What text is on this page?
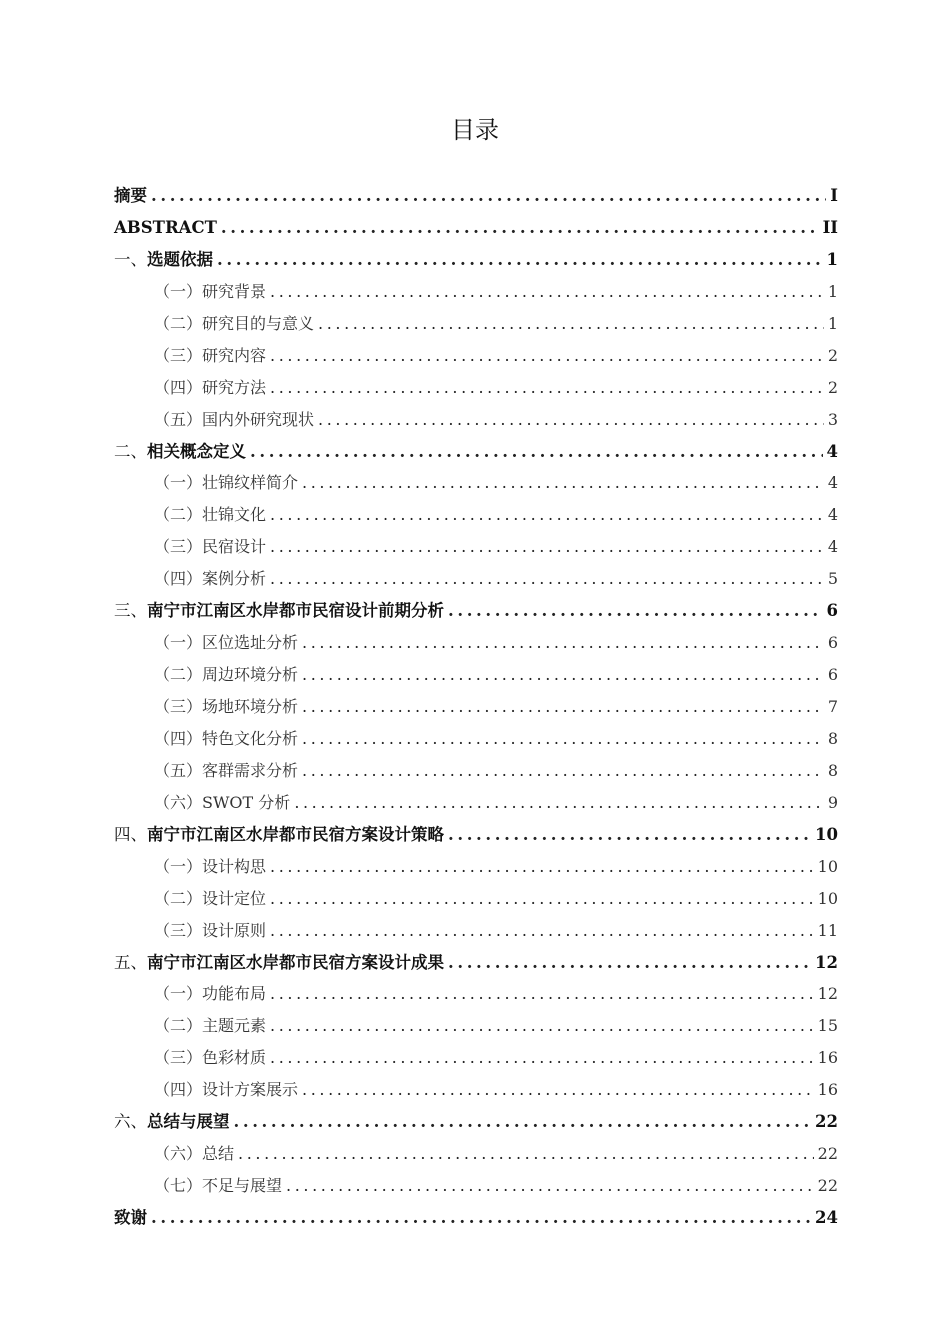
目录
摘要 .....	I
ABSTRACT .....	II
一、 选题依据 .....	1
（一） 研究背景 .....	1
（二） 研究目的与意义 .....	1
（三） 研究内容 .....	2
（四） 研究方法 .....	2
（五） 国内外研究现状 .....	3
二、 相关概念定义 .....	4
（一） 壮锦纹样简介 .....	4
（二） 壮锦文化 .....	4
（三） 民宿设计 .....	4
（四） 案例分析 .....	5
三、 南宁市江南区水岸都市民宿设计前期分析 .....	6
（一） 区位选址分析 .....	6
（二） 周边环境分析 .....	6
（三） 场地环境分析 .....	7
（四） 特色文化分析 .....	8
（五） 客群需求分析 .....	8
（六） SWOT 分析 .....	9
四、 南宁市江南区水岸都市民宿方案设计策略 .....	10
（一） 设计构思 .....	10
（二） 设计定位 .....	10
（三） 设计原则 .....	11
五、 南宁市江南区水岸都市民宿方案设计成果 .....	12
（一） 功能布局 .....	12
（二） 主题元素 .....	15
（三） 色彩材质 .....	16
（四） 设计方案展示 .....	16
六、 总结与展望 .....	22
（六） 总结 .....	22
（七） 不足与展望 .....	22
致谢 .....	24
